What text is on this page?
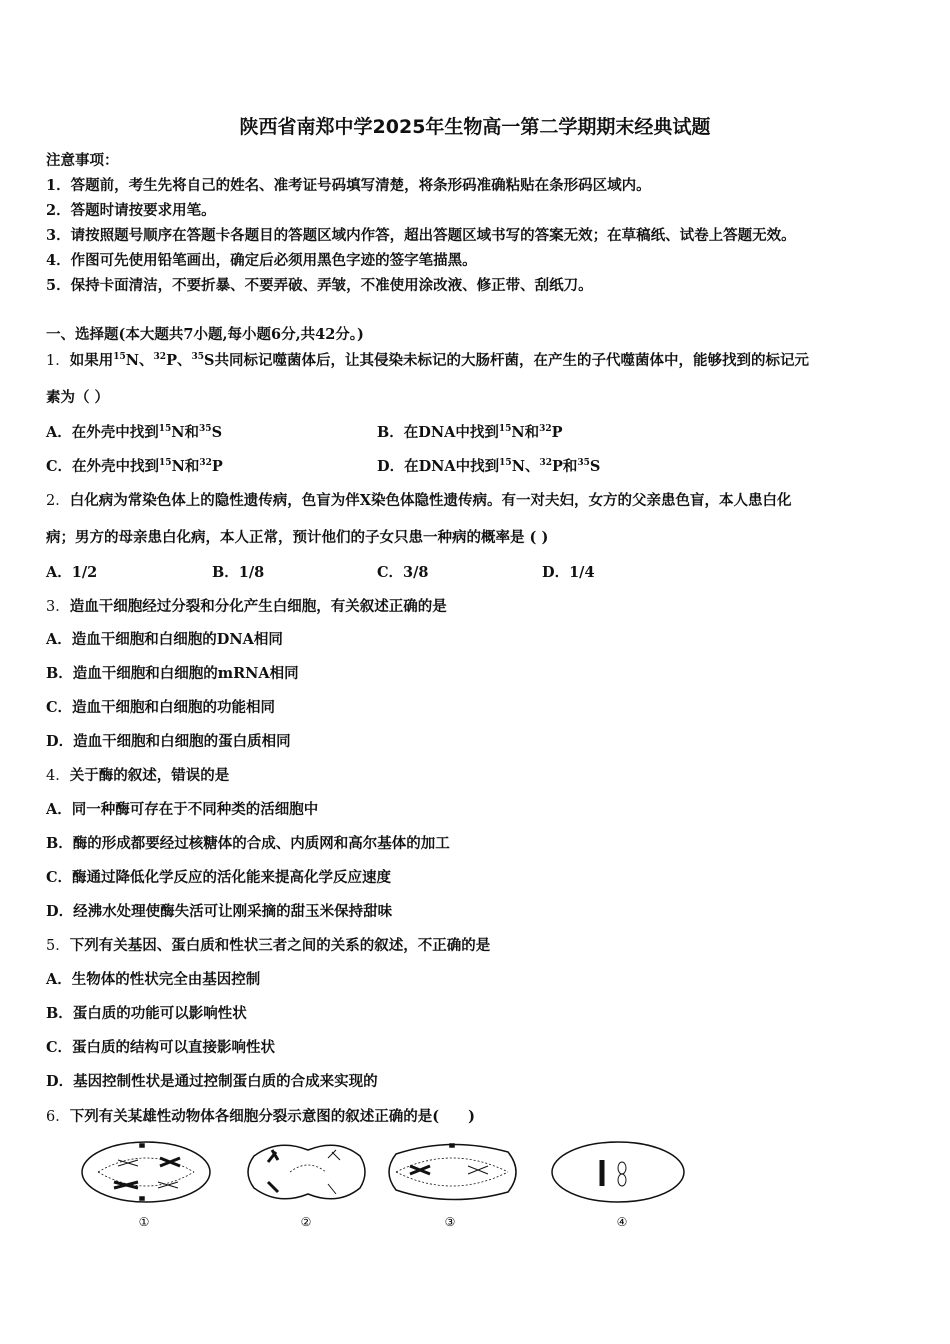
陕西省南郑中学2025年生物高一第二学期期末经典试题
注意事项：
1．答题前，考生先将自己的姓名、准考证号码填写清楚，将条形码准确粘贴在条形码区域内。
2．答题时请按要求用笔。
3．请按照题号顺序在答题卡各题目的答题区域内作答，超出答题区域书写的答案无效；在草稿纸、试卷上答题无效。
4．作图可先使用铅笔画出，确定后必须用黑色字迹的签字笔描黑。
5．保持卡面清洁，不要折暴、不要弄破、弄皱，不准使用涂改液、修正带、刮纸刀。
一、选择题(本大题共7小题,每小题6分,共42分。)
1．如果用$^{15}$N、$^{32}$P、$^{35}$S共同标记噬菌体后，让其侵染未标记的大肠杆菌，在产生的子代噬菌体中，能够找到的标记元
素为（ ）
A．在外壳中找到$^{15}$N和$^{35}$S	B．在DNA中找到$^{15}$N和$^{32}$P
C．在外壳中找到$^{15}$N和$^{32}$P	D．在DNA中找到$^{15}$N、$^{32}$P和$^{35}$S
2．白化病为常染色体上的隐性遗传病，色盲为伴X染色体隐性遗传病。有一对夫妇，女方的父亲患色盲，本人患白化
病；男方的母亲患白化病，本人正常，预计他们的子女只患一种病的概率是 ( )
A．1/2	B．1/8	C．3/8	D．1/4
3．造血干细胞经过分裂和分化产生白细胞，有关叙述正确的是
A．造血干细胞和白细胞的DNA相同
B．造血干细胞和白细胞的mRNA相同
C．造血干细胞和白细胞的功能相同
D．造血干细胞和白细胞的蛋白质相同
4．关于酶的叙述，错误的是
A．同一种酶可存在于不同种类的活细胞中
B．酶的形成都要经过核糖体的合成、内质网和高尔基体的加工
C．酶通过降低化学反应的活化能来提高化学反应速度
D．经沸水处理使酶失活可让刚采摘的甜玉米保持甜味
5．下列有关基因、蛋白质和性状三者之间的关系的叙述，不正确的是
A．生物体的性状完全由基因控制
B．蛋白质的功能可以影响性状
C．蛋白质的结构可以直接影响性状
D．基因控制性状是通过控制蛋白质的合成来实现的
6．下列有关某雄性动物体各细胞分裂示意图的叙述正确的是(　　)
①	②	③	④
